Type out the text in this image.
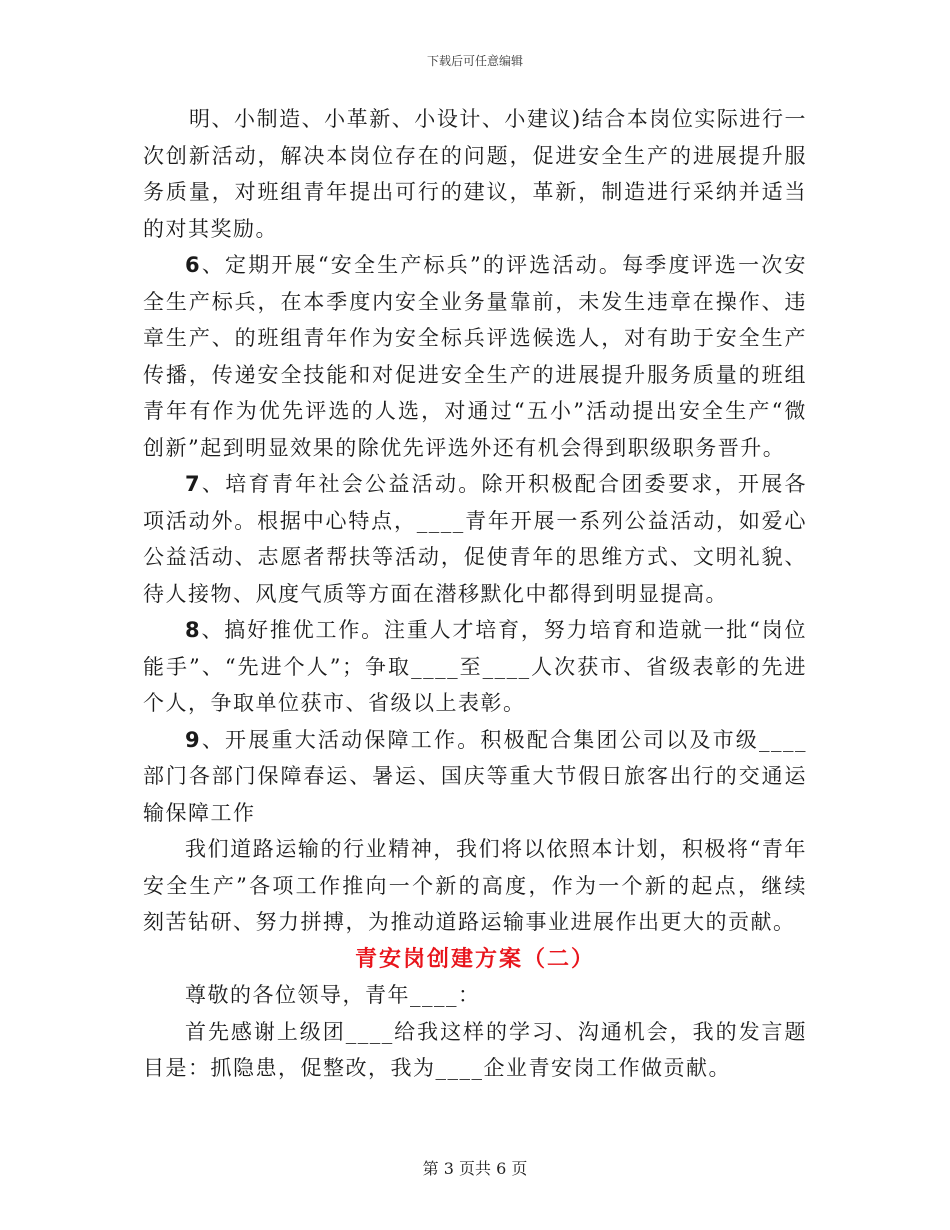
下载后可任意编辑

明、小制造、小革新、小设计、小建议)结合本岗位实际进行一次创新活动，解决本岗位存在的问题，促进安全生产的进展提升服务质量，对班组青年提出可行的建议，革新，制造进行采纳并适当的对其奖励。

6、定期开展“安全生产标兵”的评选活动。每季度评选一次安全生产标兵，在本季度内安全业务量靠前，未发生违章在操作、违章生产、的班组青年作为安全标兵评选候选人，对有助于安全生产传播，传递安全技能和对促进安全生产的进展提升服务质量的班组青年有作为优先评选的人选，对通过“五小”活动提出安全生产“微创新”起到明显效果的除优先评选外还有机会得到职级职务晋升。

7、培育青年社会公益活动。除开积极配合团委要求，开展各项活动外。根据中心特点，____青年开展一系列公益活动，如爱心公益活动、志愿者帮扶等活动，促使青年的思维方式、文明礼貌、待人接物、风度气质等方面在潜移默化中都得到明显提高。

8、搞好推优工作。注重人才培育，努力培育和造就一批“岗位能手”、“先进个人”；争取____至____人次获市、省级表彰的先进个人，争取单位获市、省级以上表彰。

9、开展重大活动保障工作。积极配合集团公司以及市级____部门各部门保障春运、暑运、国庆等重大节假日旅客出行的交通运输保障工作

我们道路运输的行业精神，我们将以依照本计划，积极将“青年安全生产”各项工作推向一个新的高度，作为一个新的起点，继续刻苦钻研、努力拼搏，为推动道路运输事业进展作出更大的贡献。

青安岗创建方案（二）

尊敬的各位领导，青年____：

首先感谢上级团____给我这样的学习、沟通机会，我的发言题目是：抓隐患，促整改，我为____企业青安岗工作做贡献。

第 3 页共 6 页
